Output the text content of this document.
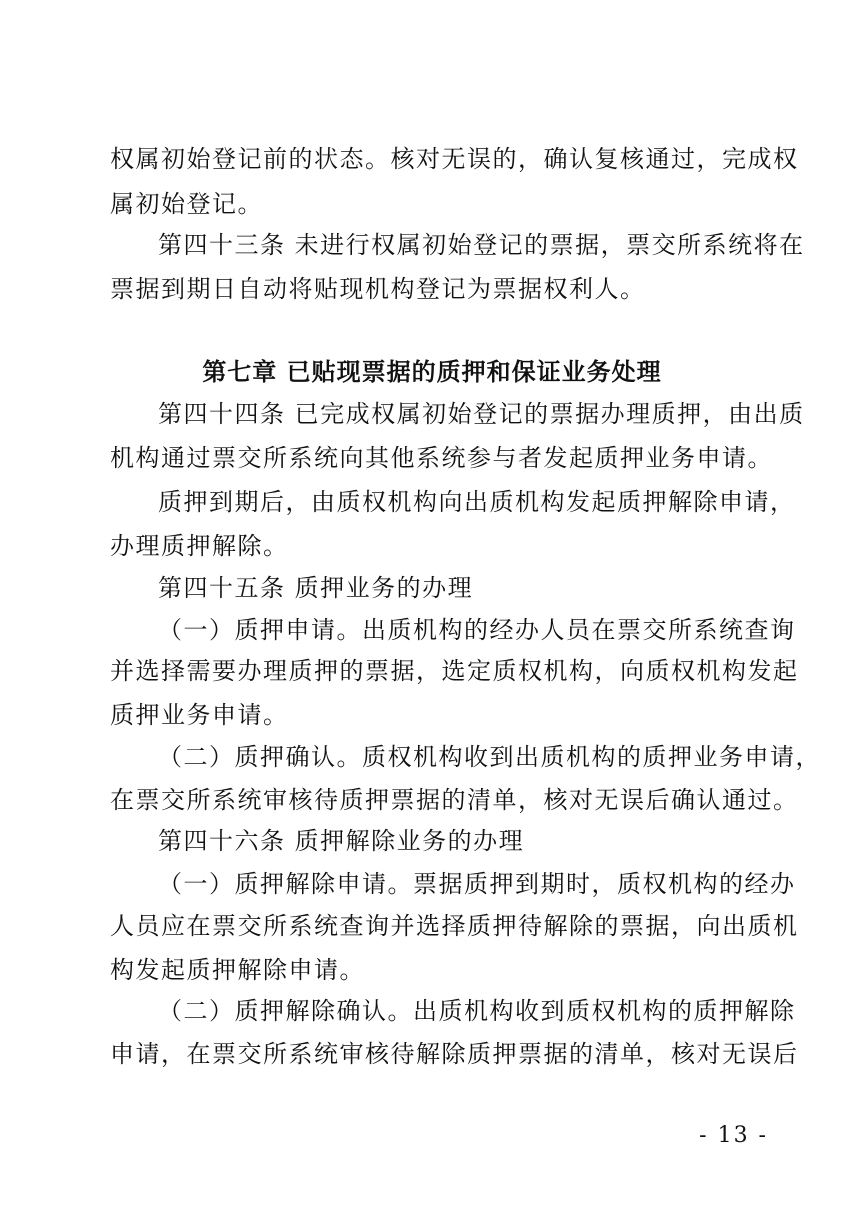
权属初始登记前的状态。核对无误的，确认复核通过，完成权
属初始登记。
第四十三条 未进行权属初始登记的票据，票交所系统将在
票据到期日自动将贴现机构登记为票据权利人。
第七章 已贴现票据的质押和保证业务处理
第四十四条 已完成权属初始登记的票据办理质押，由出质
机构通过票交所系统向其他系统参与者发起质押业务申请。
质押到期后，由质权机构向出质机构发起质押解除申请，
办理质押解除。
第四十五条 质押业务的办理
（一）质押申请。出质机构的经办人员在票交所系统查询
并选择需要办理质押的票据，选定质权机构，向质权机构发起
质押业务申请。
（二）质押确认。质权机构收到出质机构的质押业务申请，
在票交所系统审核待质押票据的清单，核对无误后确认通过。
第四十六条 质押解除业务的办理
（一）质押解除申请。票据质押到期时，质权机构的经办
人员应在票交所系统查询并选择质押待解除的票据，向出质机
构发起质押解除申请。
（二）质押解除确认。出质机构收到质权机构的质押解除
申请，在票交所系统审核待解除质押票据的清单，核对无误后
- 13 -
